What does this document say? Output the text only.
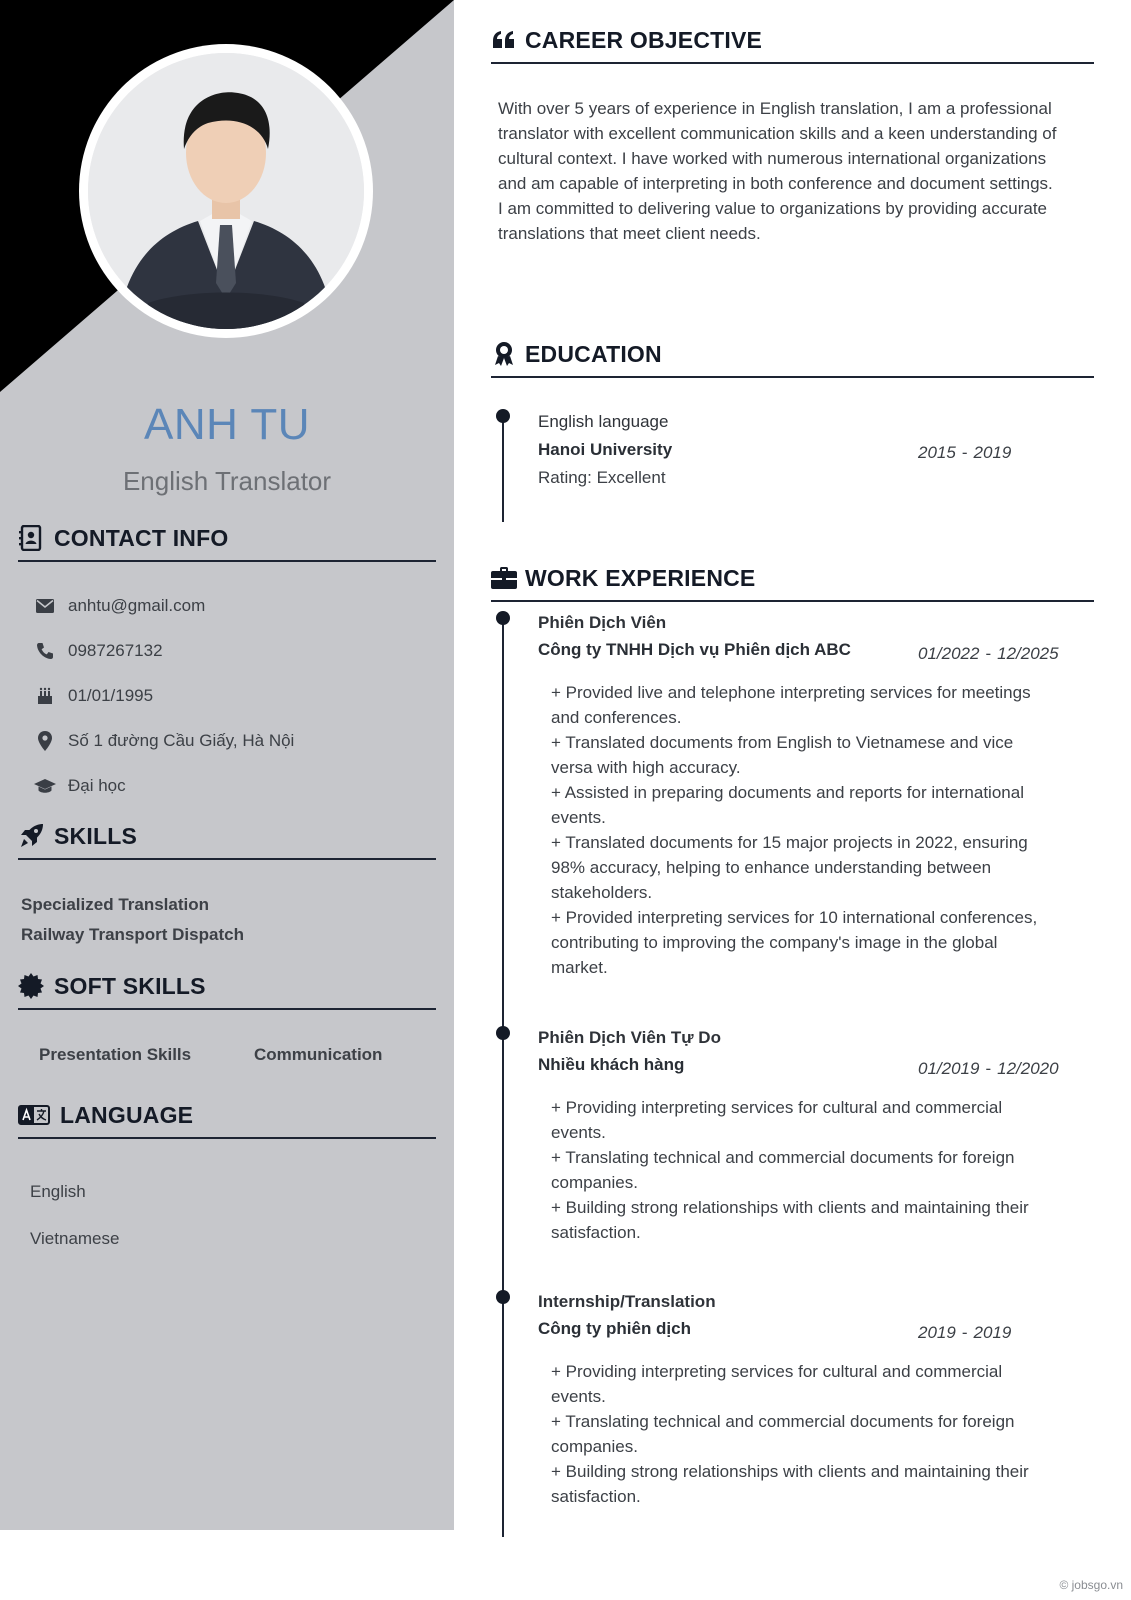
ANH TU
English Translator
CONTACT INFO
anhtu@gmail.com
0987267132
01/01/1995
Số 1 đường Cầu Giấy, Hà Nội
Đại học
SKILLS
Specialized Translation
Railway Transport Dispatch
SOFT SKILLS
Presentation Skills	Communication
LANGUAGE
English
Vietnamese
CAREER OBJECTIVE
With over 5 years of experience in English translation, I am a professional
translator with excellent communication skills and a keen understanding of
cultural context. I have worked with numerous international organizations
and am capable of interpreting in both conference and document settings.
I am committed to delivering value to organizations by providing accurate
translations that meet client needs.
EDUCATION
English language
Hanoi University
Rating: Excellent
2015 - 2019
WORK EXPERIENCE
Phiên Dịch Viên
Công ty TNHH Dịch vụ Phiên dịch ABC	01/2022 - 12/2025
+ Provided live and telephone interpreting services for meetings
and conferences.
+ Translated documents from English to Vietnamese and vice
versa with high accuracy.
+ Assisted in preparing documents and reports for international
events.
+ Translated documents for 15 major projects in 2022, ensuring
98% accuracy, helping to enhance understanding between
stakeholders.
+ Provided interpreting services for 10 international conferences,
contributing to improving the company's image in the global
market.
Phiên Dịch Viên Tự Do
Nhiều khách hàng	01/2019 - 12/2020
+ Providing interpreting services for cultural and commercial
events.
+ Translating technical and commercial documents for foreign
companies.
+ Building strong relationships with clients and maintaining their
satisfaction.
Internship/Translation
Công ty phiên dịch	2019 - 2019
+ Providing interpreting services for cultural and commercial
events.
+ Translating technical and commercial documents for foreign
companies.
+ Building strong relationships with clients and maintaining their
satisfaction.
© jobsgo.vn
